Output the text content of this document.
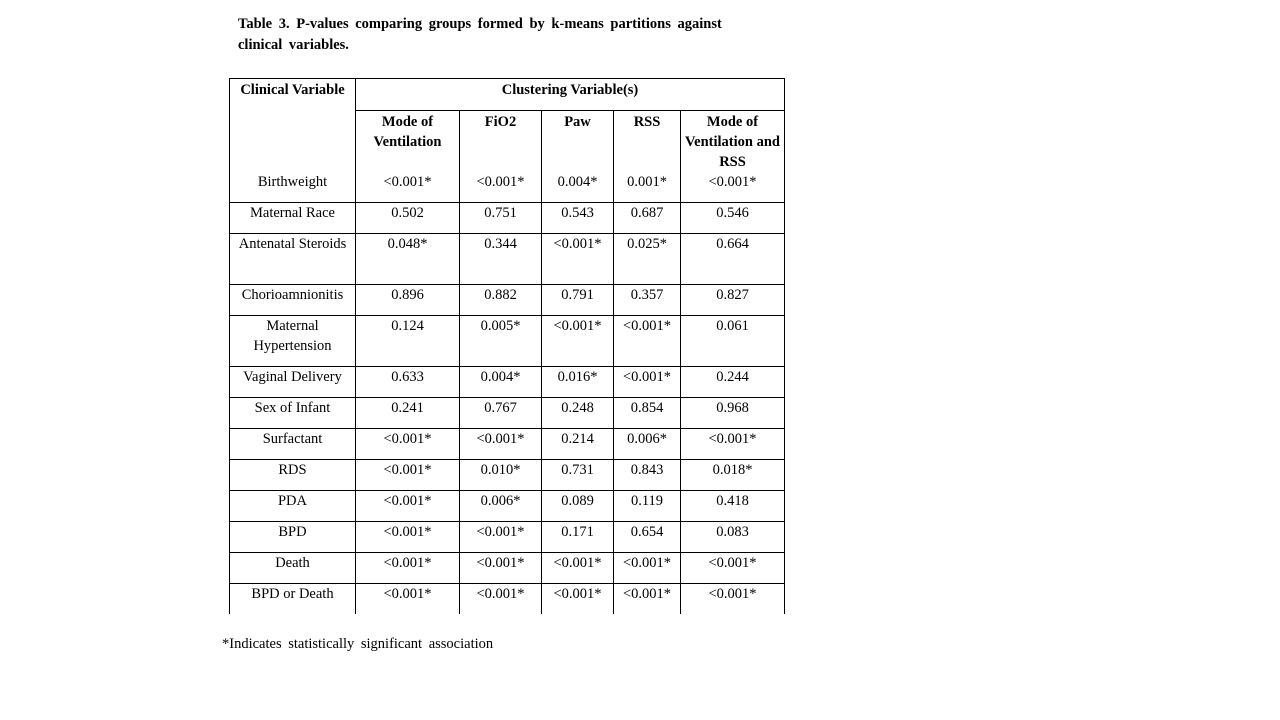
Table 3. P-values comparing groups formed by k-means partitions against clinical variables.
Clinical Variable	Clustering Variable(s)				
	Mode of Ventilation	FiO2	Paw	RSS	Mode of Ventilation and RSS
Birthweight	<0.001*	<0.001*	0.004*	0.001*	<0.001*
Maternal Race	0.502	0.751	0.543	0.687	0.546
Antenatal Steroids	0.048*	0.344	<0.001*	0.025*	0.664
Chorioamnionitis	0.896	0.882	0.791	0.357	0.827
Maternal Hypertension	0.124	0.005*	<0.001*	<0.001*	0.061
Vaginal Delivery	0.633	0.004*	0.016*	<0.001*	0.244
Sex of Infant	0.241	0.767	0.248	0.854	0.968
Surfactant	<0.001*	<0.001*	0.214	0.006*	<0.001*
RDS	<0.001*	0.010*	0.731	0.843	0.018*
PDA	<0.001*	0.006*	0.089	0.119	0.418
BPD	<0.001*	<0.001*	0.171	0.654	0.083
Death	<0.001*	<0.001*	<0.001*	<0.001*	<0.001*
BPD or Death	<0.001*	<0.001*	<0.001*	<0.001*	<0.001*
*Indicates statistically significant association
